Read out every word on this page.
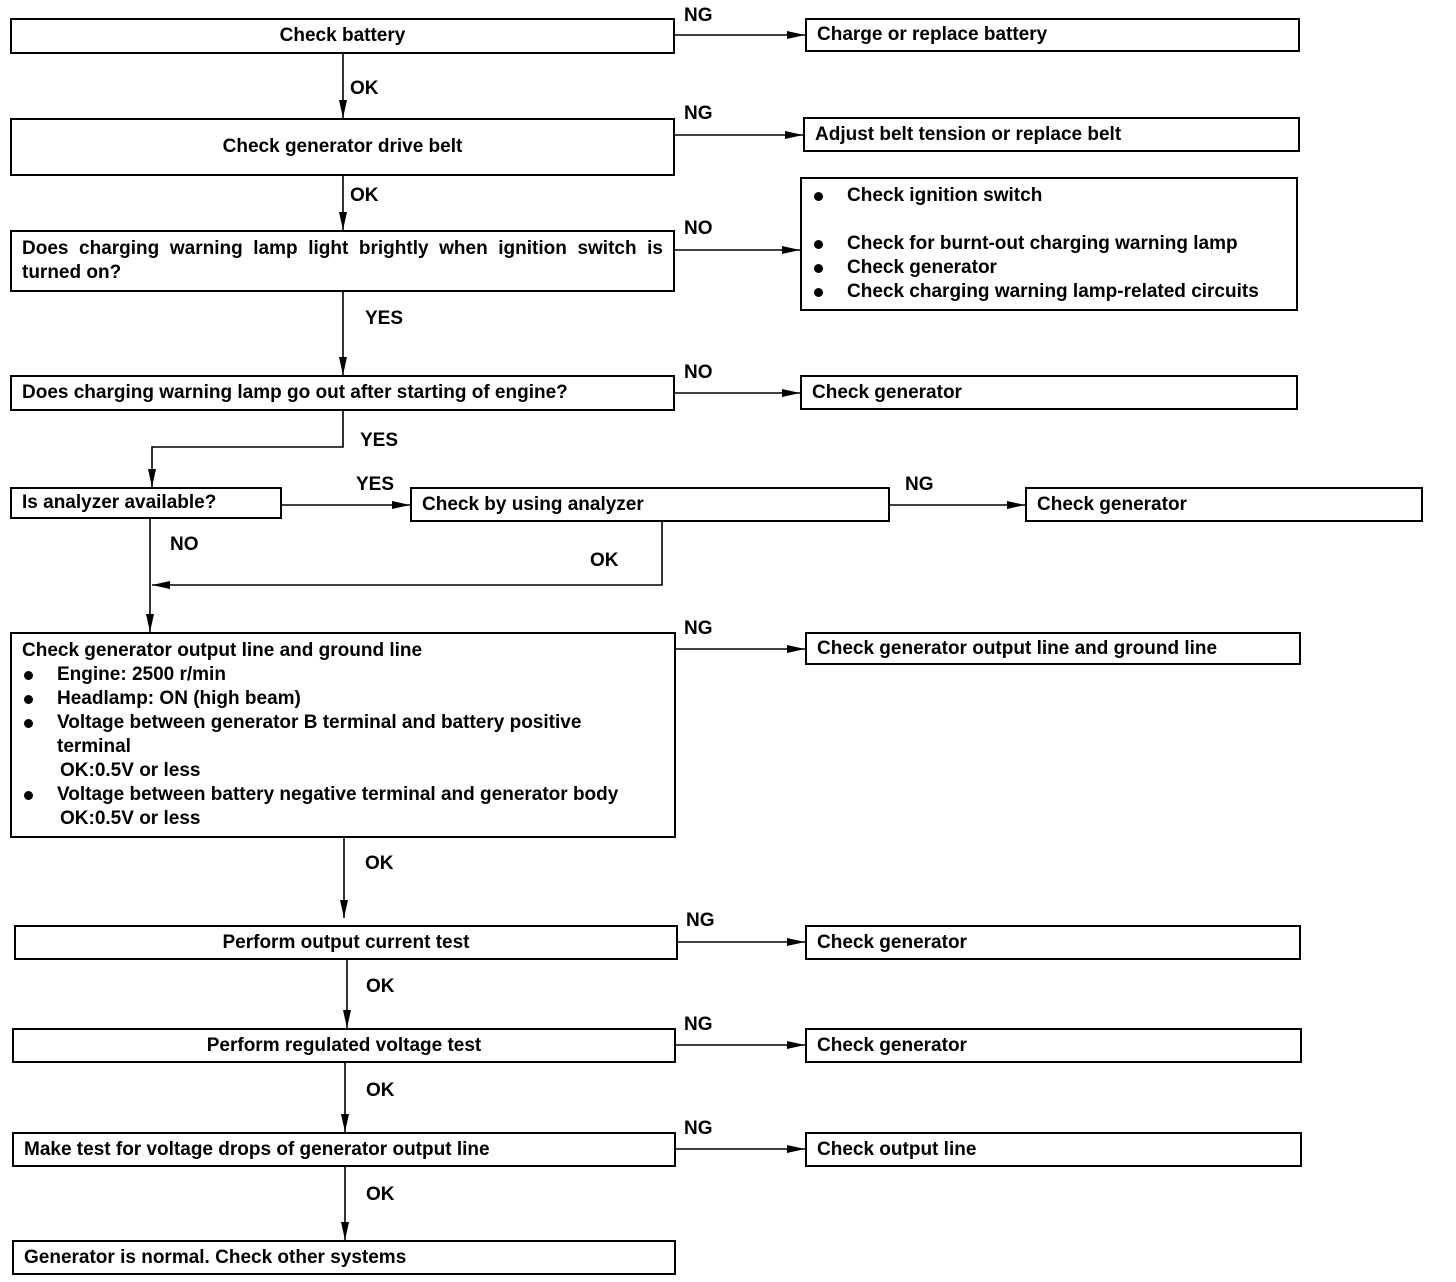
Check battery	Charge or replace battery
Check generator drive belt
Adjust belt tension or replace belt
Does charging warning lamp light brightly when ignition switch is turned on?
Check ignition switch
Check for burnt-out charging warning lamp
Check generator
Check charging warning lamp-related circuits
Does charging warning lamp go out after starting of engine?	Check generator
Is analyzer available?	Check by using analyzer	Check generator
Check generator output line and ground line
Engine: 2500 r/min
Headlamp: ON (high beam)
Voltage between generator B terminal and battery positive
terminal
OK:0.5V or less
Voltage between battery negative terminal and generator body
OK:0.5V or less
Check generator output line and ground line
Perform output current test	Check generator
Perform regulated voltage test	Check generator
Make test for voltage drops of generator output line	Check output line
Generator is normal. Check other systems
NG
OK
NG
OK
NO
YES
NO
YES
YES	NG
NO
OK
NG
OK
NG
OK
NG
OK
NG
OK
